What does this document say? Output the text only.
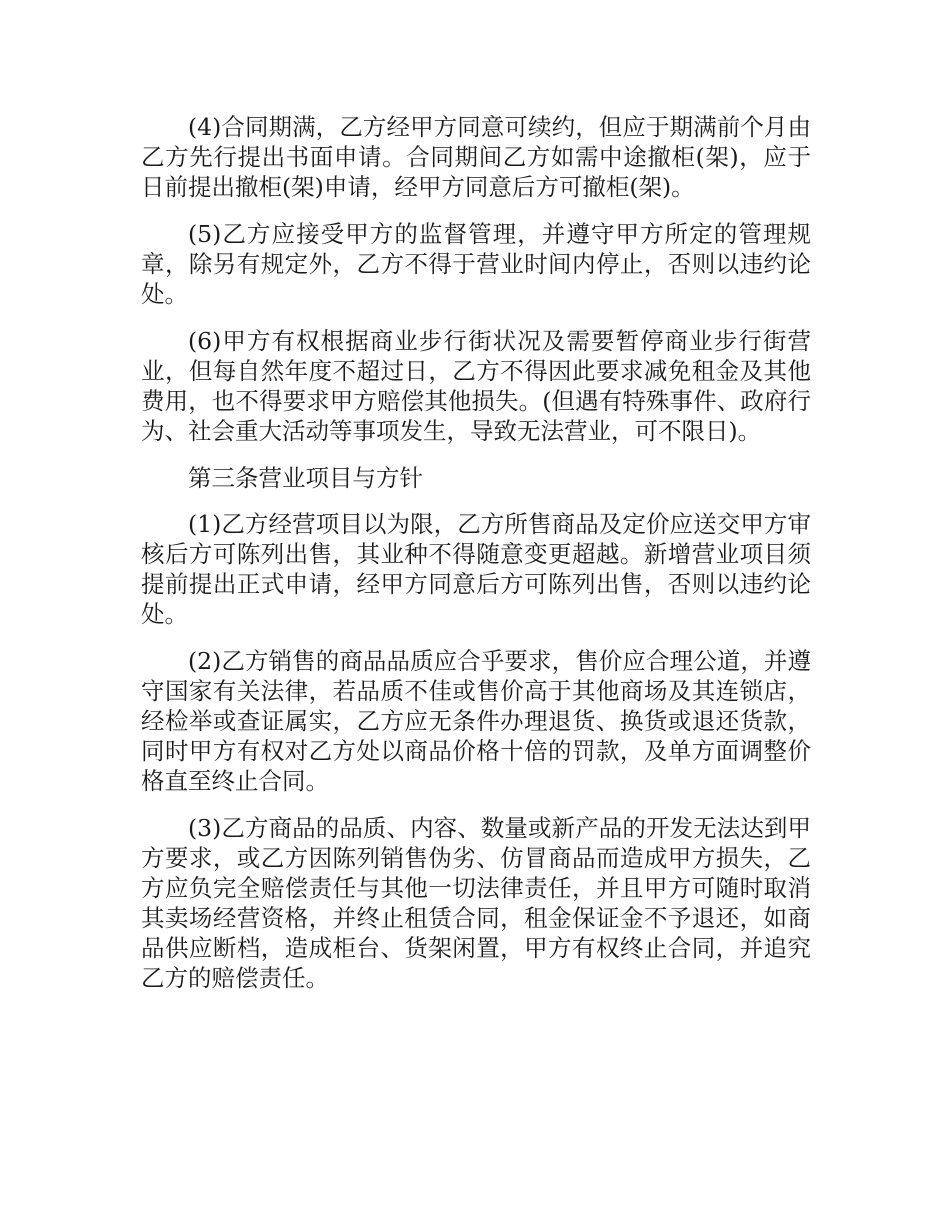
(4)合同期满，乙方经甲方同意可续约，但应于期满前个月由乙方先行提出书面申请。合同期间乙方如需中途撤柜(架)，应于日前提出撤柜(架)申请，经甲方同意后方可撤柜(架)。

(5)乙方应接受甲方的监督管理，并遵守甲方所定的管理规章，除另有规定外，乙方不得于营业时间内停止，否则以违约论处。

(6)甲方有权根据商业步行街状况及需要暂停商业步行街营业，但每自然年度不超过日，乙方不得因此要求减免租金及其他费用，也不得要求甲方赔偿其他损失。(但遇有特殊事件、政府行为、社会重大活动等事项发生，导致无法营业，可不限日)。

第三条营业项目与方针

(1)乙方经营项目以为限，乙方所售商品及定价应送交甲方审核后方可陈列出售，其业种不得随意变更超越。新增营业项目须提前提出正式申请，经甲方同意后方可陈列出售，否则以违约论处。

(2)乙方销售的商品品质应合乎要求，售价应合理公道，并遵守国家有关法律，若品质不佳或售价高于其他商场及其连锁店，经检举或查证属实，乙方应无条件办理退货、换货或退还货款，同时甲方有权对乙方处以商品价格十倍的罚款，及单方面调整价格直至终止合同。

(3)乙方商品的品质、内容、数量或新产品的开发无法达到甲方要求，或乙方因陈列销售伪劣、仿冒商品而造成甲方损失，乙方应负完全赔偿责任与其他一切法律责任，并且甲方可随时取消其卖场经营资格，并终止租赁合同，租金保证金不予退还，如商品供应断档，造成柜台、货架闲置，甲方有权终止合同，并追究乙方的赔偿责任。
